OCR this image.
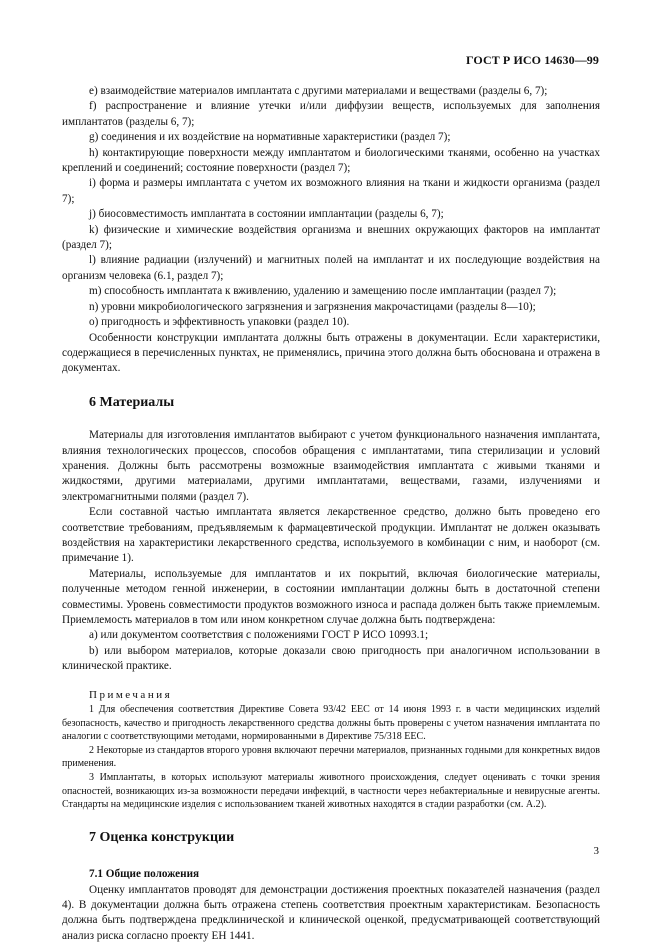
ГОСТ Р ИСО 14630—99

е) взаимодействие материалов имплантата с другими материалами и веществами (разделы 6, 7);

f) распространение и влияние утечки и/или диффузии веществ, используемых для заполнения имплантатов (разделы 6, 7);

g) соединения и их воздействие на нормативные характеристики (раздел 7);

h) контактирующие поверхности между имплантатом и биологическими тканями, особенно на участках креплений и соединений; состояние поверхности (раздел 7);

i) форма и размеры имплантата с учетом их возможного влияния на ткани и жидкости организма (раздел 7);

j) биосовместимость имплантата в состоянии имплантации (разделы 6, 7);

k) физические и химические воздействия организма и внешних окружающих факторов на имплантат (раздел 7);

l) влияние радиации (излучений) и магнитных полей на имплантат и их последующие воздействия на организм человека (6.1, раздел 7);

m) способность имплантата к вживлению, удалению и замещению после имплантации (раздел 7);

n) уровни микробиологического загрязнения и загрязнения макрочастицами (разделы 8—10);

о) пригодность и эффективность упаковки (раздел 10).

Особенности конструкции имплантата должны быть отражены в документации. Если характеристики, содержащиеся в перечисленных пунктах, не применялись, причина этого должна быть обоснована и отражена в документах.

6 Материалы

Материалы для изготовления имплантатов выбирают с учетом функционального назначения имплантата, влияния технологических процессов, способов обращения с имплантатами, типа стерилизации и условий хранения. Должны быть рассмотрены возможные взаимодействия имплантата с живыми тканями и жидкостями, другими материалами, другими имплантатами, веществами, газами, излучениями и электромагнитными полями (раздел 7).

Если составной частью имплантата является лекарственное средство, должно быть проведено его соответствие требованиям, предъявляемым к фармацевтической продукции. Имплантат не должен оказывать воздействия на характеристики лекарственного средства, используемого в комбинации с ним, и наоборот (см. примечание 1).

Материалы, используемые для имплантатов и их покрытий, включая биологические материалы, полученные методом генной инженерии, в состоянии имплантации должны быть в достаточной степени совместимы. Уровень совместимости продуктов возможного износа и распада должен быть также приемлемым. Приемлемость материалов в том или ином конкретном случае должна быть подтверждена:

а) или документом соответствия с положениями ГОСТ Р ИСО 10993.1;

b) или выбором материалов, которые доказали свою пригодность при аналогичном использовании в клинической практике.

Примечания

1 Для обеспечения соответствия Директиве Совета 93/42 ЕЕС от 14 июня 1993 г. в части медицинских изделий безопасность, качество и пригодность лекарственного средства должны быть проверены с учетом назначения имплантата по аналогии с соответствующими методами, нормированными в Директиве 75/318 ЕЕС.

2 Некоторые из стандартов второго уровня включают перечни материалов, признанных годными для конкретных видов применения.

3 Имплантаты, в которых используют материалы животного происхождения, следует оценивать с точки зрения опасностей, возникающих из-за возможности передачи инфекций, в частности через небактериальные и невирусные агенты. Стандарты на медицинские изделия с использованием тканей животных находятся в стадии разработки (см. А.2).

7 Оценка конструкции
7.1 Общие положения

Оценку имплантатов проводят для демонстрации достижения проектных показателей назначения (раздел 4). В документации должна быть отражена степень соответствия проектным характеристикам. Безопасность должна быть подтверждена предклинической и клинической оценкой, предусматривающей соответствующий анализ риска согласно проекту ЕН 1441.

3
